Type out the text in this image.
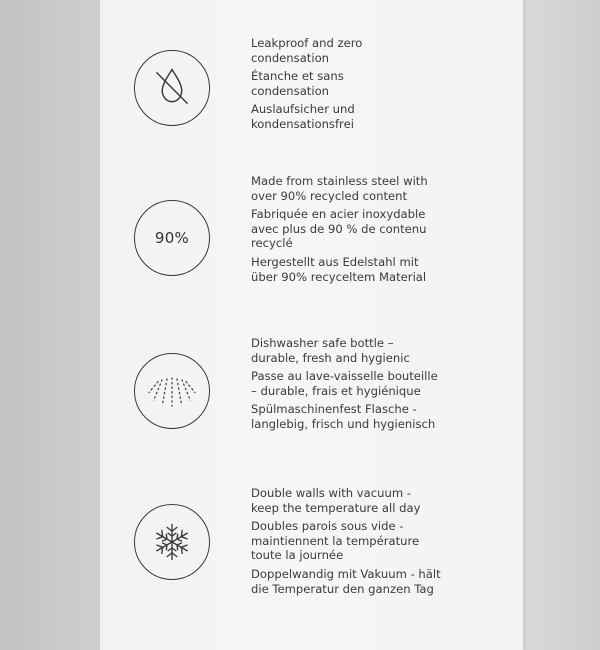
Leakproof and zero
condensation

Étanche et sans
condensation

Auslaufsicher und
kondensationsfrei

90%

Made from stainless steel with
over 90% recycled content

Fabriquée en acier inoxydable
avec plus de 90 % de contenu
recyclé

Hergestellt aus Edelstahl mit
über 90% recyceltem Material

Dishwasher safe bottle –
durable, fresh and hygienic

Passe au lave-vaisselle bouteille
– durable, frais et hygiénique

Spülmaschinenfest Flasche -
langlebig, frisch und hygienisch

Double walls with vacuum -
keep the temperature all day

Doubles parois sous vide -
maintiennent la température
toute la journée

Doppelwandig mit Vakuum - hält
die Temperatur den ganzen Tag
